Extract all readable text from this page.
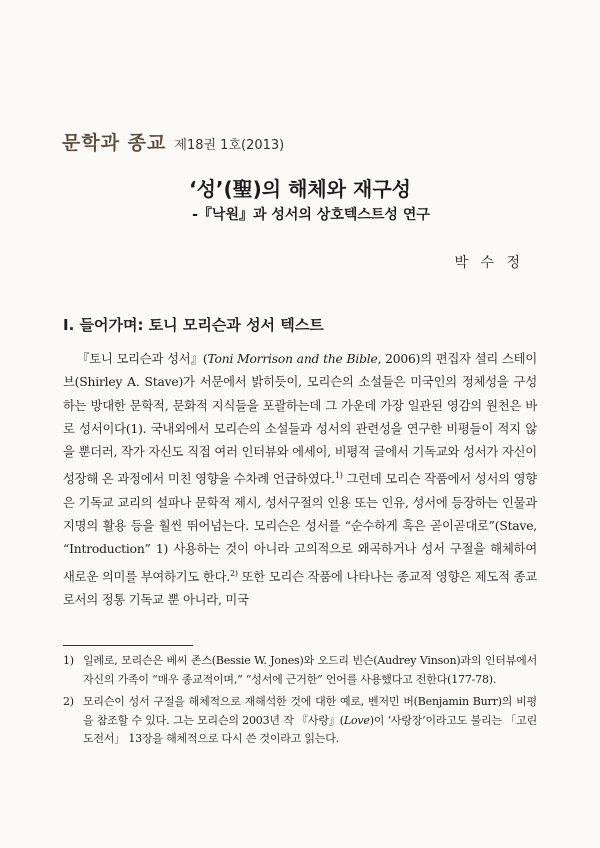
문학과 종교 제18권 1호(2013)
‘성’(聖)의 해체와 재구성
-『낙원』과 성서의 상호텍스트성 연구
박 수 정
Ⅰ. 들어가며: 토니 모리슨과 성서 텍스트

『토니 모리슨과 성서』(Toni Morrison and the Bible, 2006)의 편집자 셜리 스테이브(Shirley A. Stave)가 서문에서 밝히듯이, 모리슨의 소설들은 미국인의 정체성을 구성하는 방대한 문학적, 문화적 지식들을 포괄하는데 그 가운데 가장 일관된 영감의 원천은 바로 성서이다(1). 국내외에서 모리슨의 소설들과 성서의 관련성을 연구한 비평들이 적지 않을 뿐더러, 작가 자신도 직접 여러 인터뷰와 에세이, 비평적 글에서 기독교와 성서가 자신이 성장해 온 과정에서 미친 영향을 수차례 언급하였다.$^{1)}$ 그런데 모리슨 작품에서 성서의 영향은 기독교 교리의 설파나 문학적 제시, 성서구절의 인용 또는 인유, 성서에 등장하는 인물과 지명의 활용 등을 훨씬 뛰어넘는다. 모리슨은 성서를 “순수하게 혹은 곧이곧대로”(Stave, “Introduction” 1) 사용하는 것이 아니라 고의적으로 왜곡하거나 성서 구절을 해체하여 새로운 의미를 부여하기도 한다.$^{2)}$ 또한 모리슨 작품에 나타나는 종교적 영향은 제도적 종교로서의 정통 기독교 뿐 아니라, 미국

1) 일례로, 모리슨은 베씨 존스(Bessie W. Jones)와 오드리 빈슨(Audrey Vinson)과의 인터뷰에서 자신의 가족이 “매우 종교적이며,” “성서에 근거한” 언어를 사용했다고 전한다(177-78).
2) 모리슨이 성서 구절을 해체적으로 재해석한 것에 대한 예로, 벤저민 버(Benjamin Burr)의 비평을 참조할 수 있다. 그는 모리슨의 2003년 작 『사랑』(Love)이 ‘사랑장’이라고도 불리는 「고린도전서」 13장을 해체적으로 다시 쓴 것이라고 읽는다.
